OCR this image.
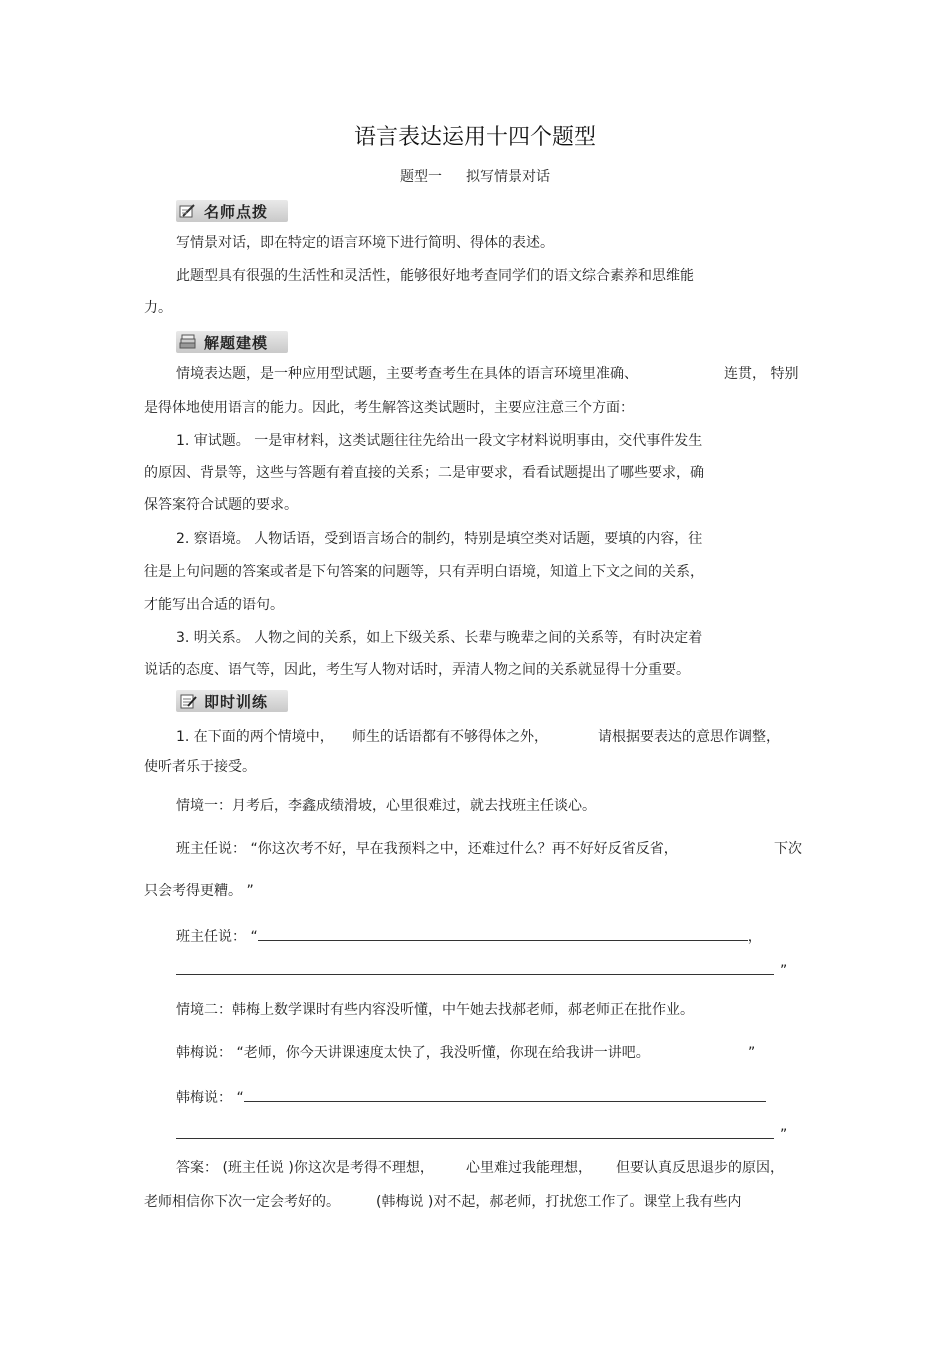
语言表达运用十四个题型
题型一 拟写情景对话
名师点拨
写情景对话，即在特定的语言环境下进行简明、得体的表述。
此题型具有很强的生活性和灵活性，能够很好地考查同学们的语文综合素养和思维能
力。
解题建模
情境表达题，是一种应用型试题，主要考查考生在具体的语言环境里准确、	连贯， 特别
是得体地使用语言的能力。因此，考生解答这类试题时，主要应注意三个方面：
1. 审试题。 一是审材料，这类试题往往先给出一段文字材料说明事由，交代事件发生
的原因、背景等，这些与答题有着直接的关系；二是审要求，看看试题提出了哪些要求，确
保答案符合试题的要求。
2. 察语境。 人物话语，受到语言场合的制约，特别是填空类对话题，要填的内容，往
往是上句问题的答案或者是下句答案的问题等，只有弄明白语境，知道上下文之间的关系，
才能写出合适的语句。
3. 明关系。 人物之间的关系，如上下级关系、长辈与晚辈之间的关系等，有时决定着
说话的态度、语气等，因此，考生写人物对话时，弄清人物之间的关系就显得十分重要。
即时训练
1. 在下面的两个情境中， 师生的话语都有不够得体之外，	请根据要表达的意思作调整，
使听者乐于接受。
情境一：月考后，李鑫成绩滑坡，心里很难过，就去找班主任谈心。
班主任说： “你这次考不好，早在我预料之中，还难过什么？再不好好反省反省，	下次
只会考得更糟。 ”
班主任说： “	，
”
情境二：韩梅上数学课时有些内容没听懂，中午她去找郝老师，郝老师正在批作业。
韩梅说： “老师，你今天讲课速度太快了，我没听懂，你现在给我讲一讲吧。	”
韩梅说： “
”
答案： (班主任说 )你这次是考得不理想， 心里难过我能理想， 但要认真反思退步的原因，
老师相信你下次一定会考好的。	(韩梅说 )对不起，郝老师，打扰您工作了。课堂上我有些内
